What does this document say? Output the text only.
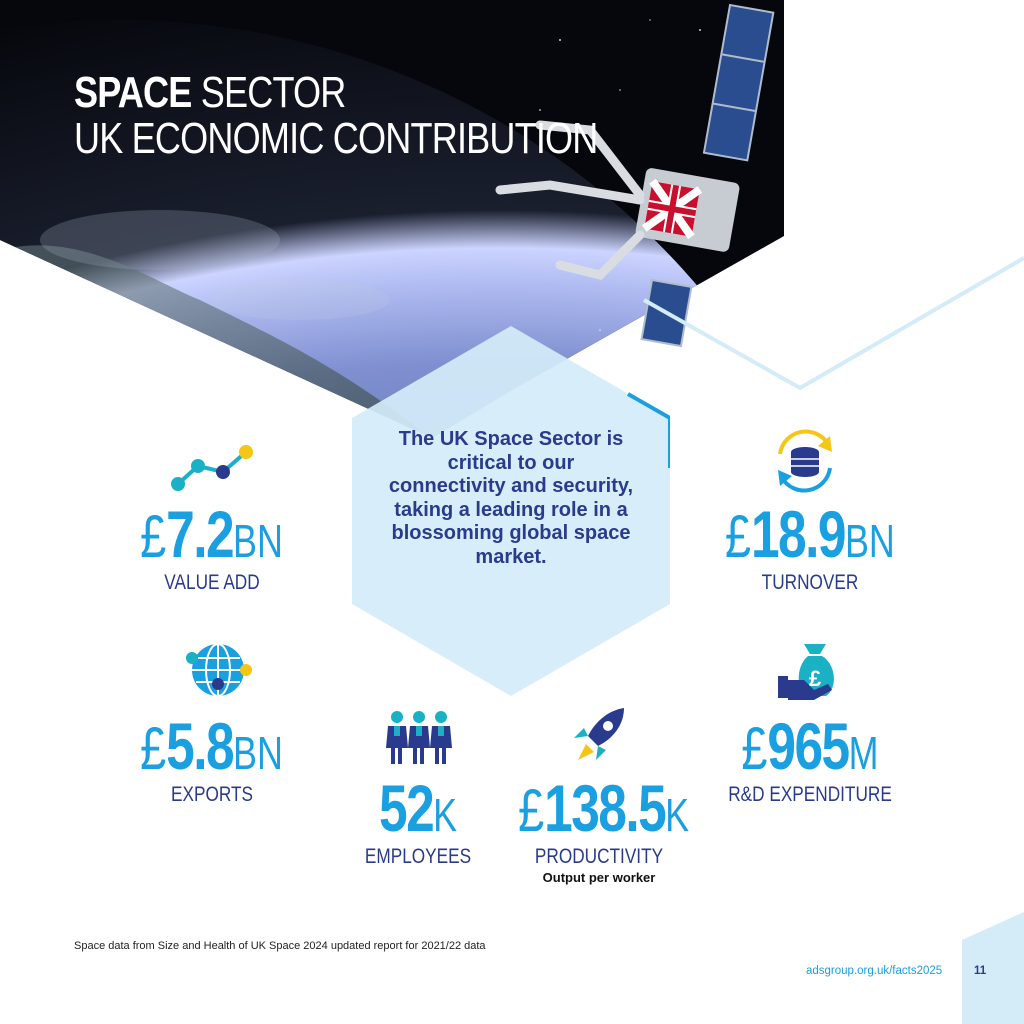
SPACE SECTOR
UK ECONOMIC CONTRIBUTION
The UK Space Sector is critical to our connectivity and security, taking a leading role in a blossoming global space market.
£7.2BN
VALUE ADD
£18.9BN
TURNOVER
£5.8BN
EXPORTS	52K
EMPLOYEES
£138.5K
PRODUCTIVITY
Output per worker
£
£965M
R&D EXPENDITURE
Space data from Size and Health of UK Space 2024 updated report for 2021/22 data
adsgroup.org.uk/facts2025	11
